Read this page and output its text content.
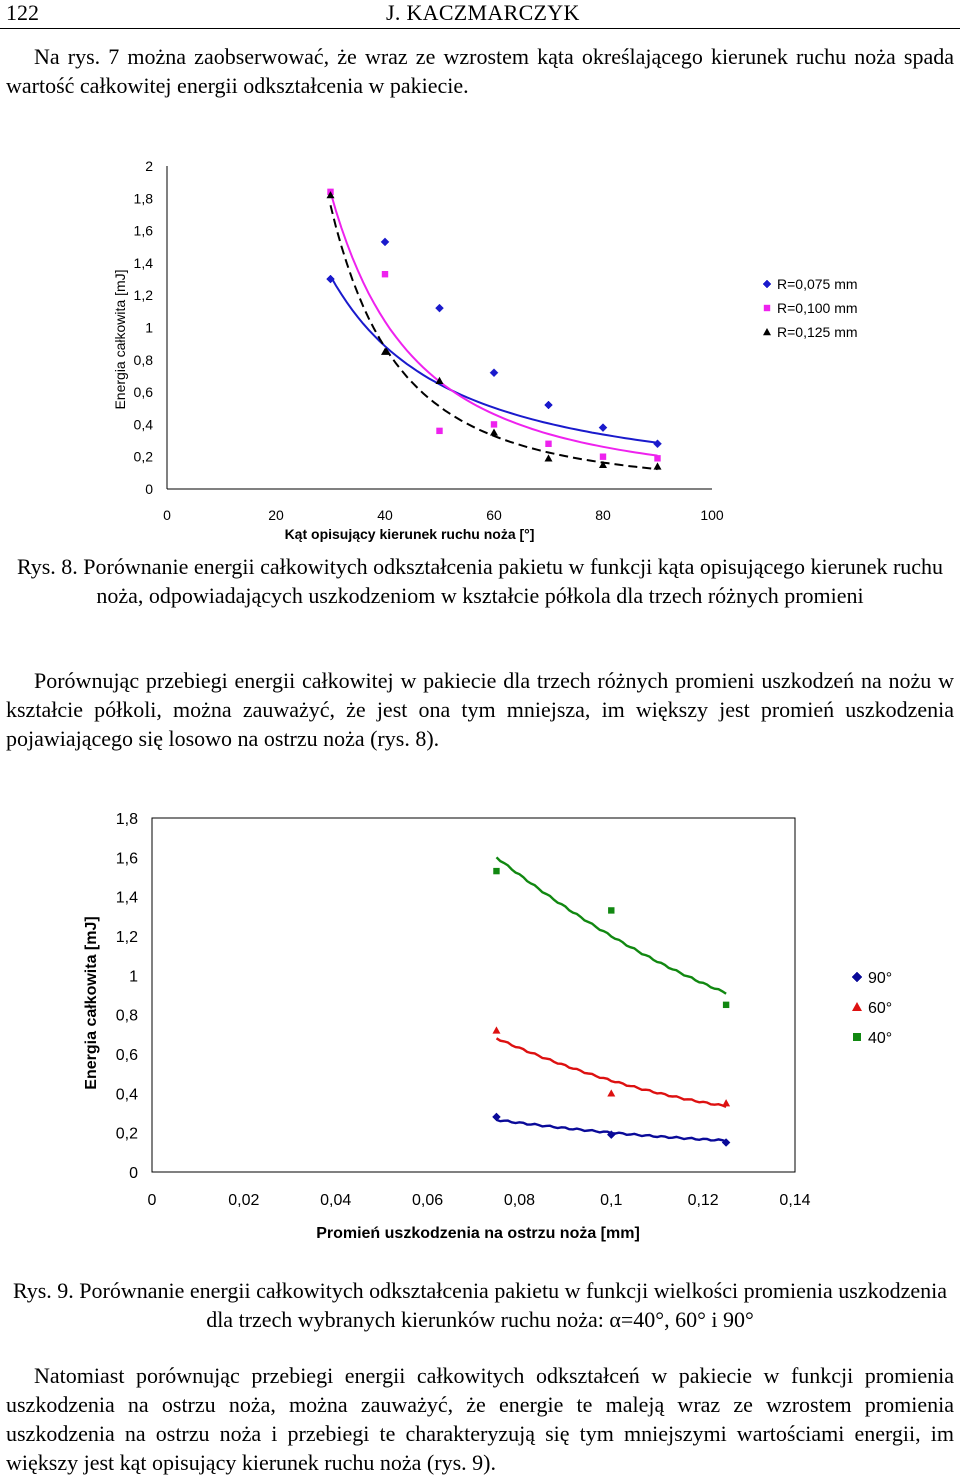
122	J. KACZMARCZYK

Na rys. 7 można zaobserwować, że wraz ze wzrostem kąta określającego kierunek ruchu noża spada wartość całkowitej energii odkształcenia w pakiecie.

0
0,2
0,4
0,6
0,8
1
1,2
1,4
1,6
1,8
2
0	20	40	60	80	100
Energia całkowita [mJ]
Kąt opisujący kierunek ruchu noża [°]
R=0,075 mm
R=0,100 mm
R=0,125 mm

Rys. 8. Porównanie energii całkowitych odkształcenia pakietu w funkcji kąta opisującego kierunek ruchu noża, odpowiadających uszkodzeniom w kształcie półkola dla trzech różnych promieni

Porównując przebiegi energii całkowitej w pakiecie dla trzech różnych promieni uszkodzeń na nożu w kształcie półkoli, można zauważyć, że jest ona tym mniejsza, im większy jest promień uszkodzenia pojawiającego się losowo na ostrzu noża (rys. 8).

0
0,2
0,4
0,6
0,8
1
1,2
1,4
1,6
1,8
0	0,02	0,04	0,06	0,08	0,1	0,12	0,14
Energia całkowita [mJ]
Promień uszkodzenia na ostrzu noża [mm]
90°
60°
40°

Rys. 9. Porównanie energii całkowitych odkształcenia pakietu w funkcji wielkości promienia uszkodzenia dla trzech wybranych kierunków ruchu noża: α=40°, 60° i 90°

Natomiast porównując przebiegi energii całkowitych odkształceń w pakiecie w funkcji promienia uszkodzenia na ostrzu noża, można zauważyć, że energie te maleją wraz ze wzrostem promienia uszkodzenia na ostrzu noża i przebiegi te charakteryzują się tym mniejszymi wartościami energii, im większy jest kąt opisujący kierunek ruchu noża (rys. 9).
